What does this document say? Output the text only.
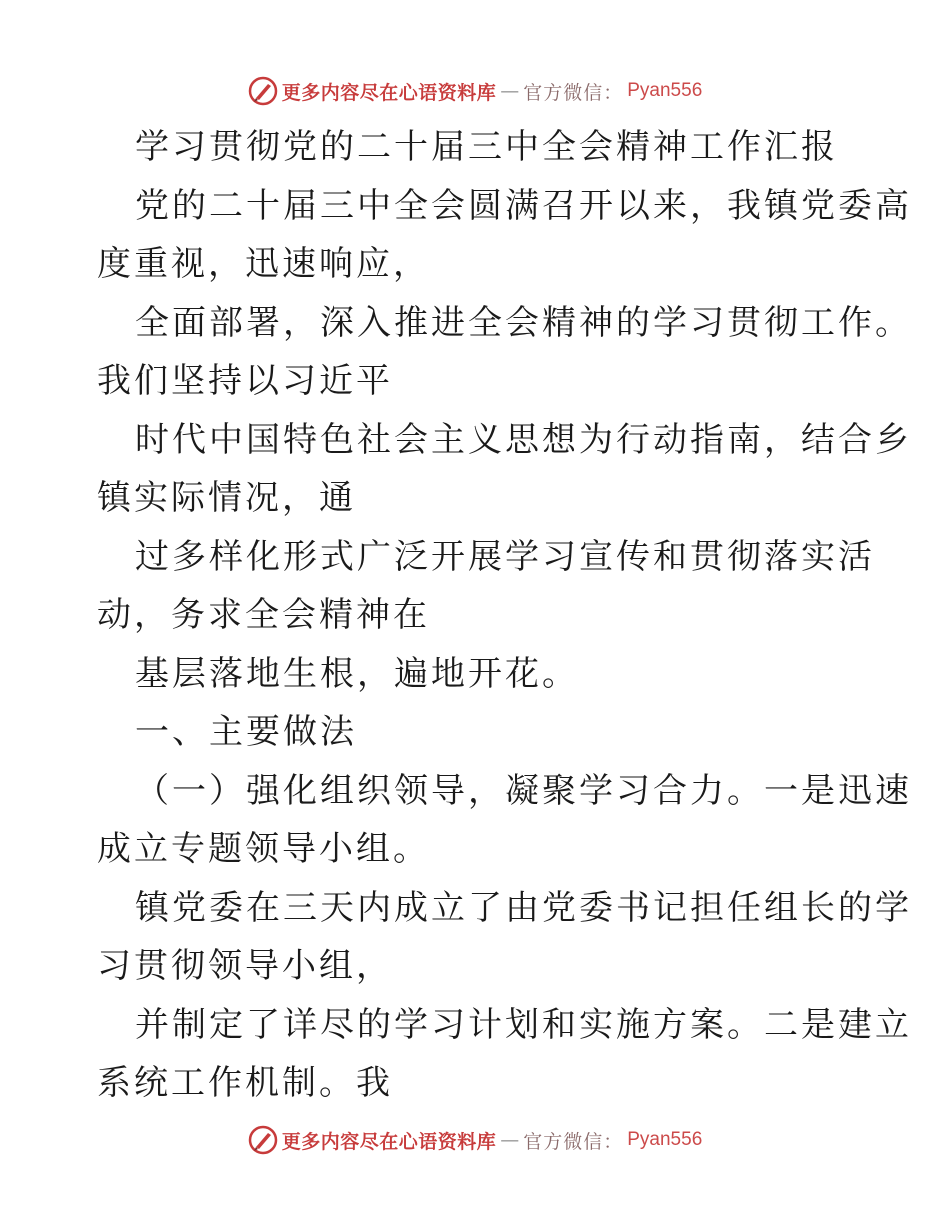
更多内容尽在心语资料库 — 官方微信： Pyan556
学习贯彻党的二十届三中全会精神工作汇报
党的二十届三中全会圆满召开以来，我镇党委高
度重视，迅速响应，
全面部署，深入推进全会精神的学习贯彻工作。
我们坚持以习近平
时代中国特色社会主义思想为行动指南，结合乡
镇实际情况，通
过多样化形式广泛开展学习宣传和贯彻落实活
动，务求全会精神在
基层落地生根，遍地开花。
一、主要做法
（一）强化组织领导，凝聚学习合力。一是迅速
成立专题领导小组。
镇党委在三天内成立了由党委书记担任组长的学
习贯彻领导小组，
并制定了详尽的学习计划和实施方案。二是建立
系统工作机制。我
更多内容尽在心语资料库 — 官方微信： Pyan556
